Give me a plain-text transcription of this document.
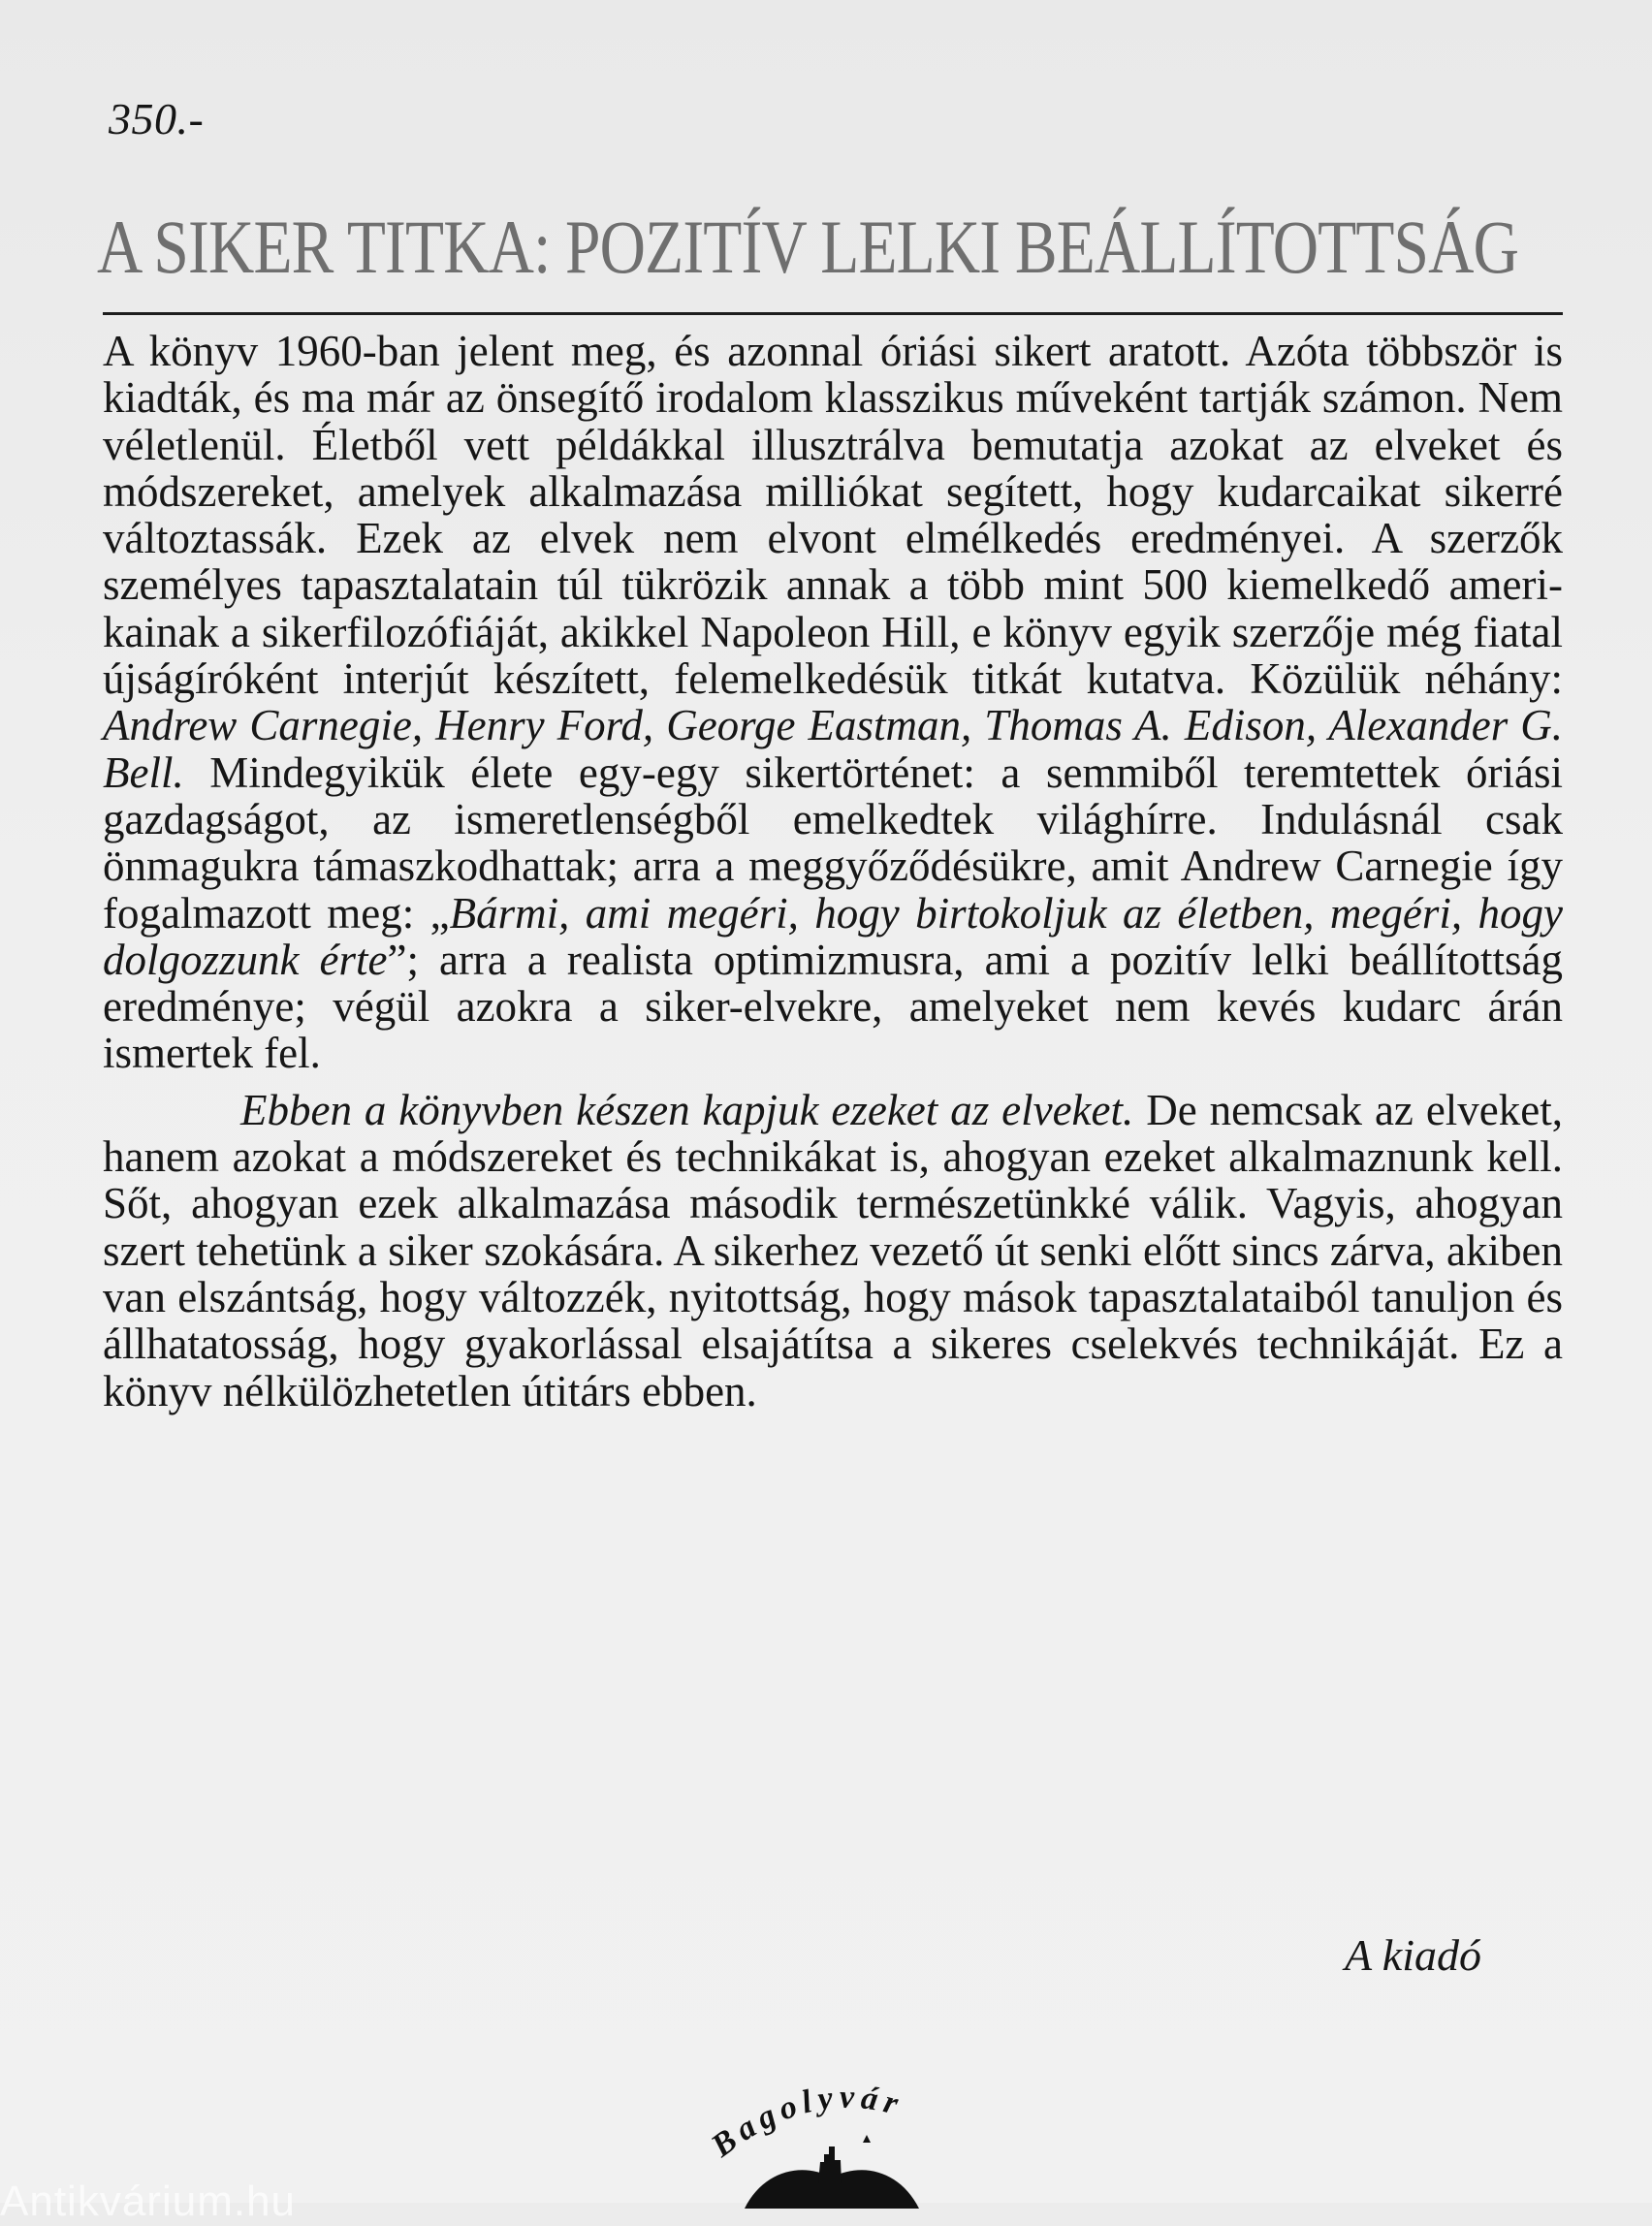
350.-
A SIKER TITKA: POZITÍV LELKI BEÁLLÍTOTTSÁG

A könyv 1960-ban jelent meg, és azonnal óriási sikert aratott. Azóta többször is kiadták, és ma már az önsegítő irodalom klasszikus műveként tartják számon. Nem véletlenül. Életből vett példákkal illusztrálva bemutatja azokat az elveket és módszereket, amelyek alkalmazása milliókat segített, hogy kudarcaikat sikerré változtassák. Ezek az elvek nem elvont elmélkedés eredményei. A szerzők személyes tapasztalatain túl tükrözik annak a több mint 500 kiemelkedő amerikainak a sikerfilozófiáját, akikkel Napoleon Hill, e könyv egyik szerzője még fiatal újságíróként interjút készített, felemelkedésük titkát kutatva. Közülük néhány: Andrew Carnegie, Henry Ford, George Eastman, Thomas A. Edison, Alexander G. Bell. Mindegyikük élete egy-egy sikertörténet: a semmiből teremtettek óriási gazdagságot, az ismeretlenségből emelkedtek világhírre. Indulásnál csak önmagukra támaszkodhattak; arra a meggyőződésükre, amit Andrew Carnegie így fogalmazott meg: „Bármi, ami megéri, hogy birtokoljuk az életben, megéri, hogy dolgozzunk érte”; arra a realista optimizmusra, ami a pozitív lelki beállítottság eredménye; végül azokra a siker-elvekre, amelyeket nem kevés kudarc árán ismertek fel.

Ebben a könyvben készen kapjuk ezeket az elveket. De nemcsak az elveket, hanem azokat a módszereket és technikákat is, ahogyan ezeket alkalmaznunk kell. Sőt, ahogyan ezek alkalmazása második természetünkké válik. Vagyis, ahogyan szert tehetünk a siker szokására. A sikerhez vezető út senki előtt sincs zárva, akiben van elszántság, hogy változzék, nyitottság, hogy mások tapasztalataiból tanuljon és állhatatosság, hogy gyakorlással elsajátítsa a sikeres cselekvés technikáját. Ez a könyv nélkülözhetetlen útitárs ebben.

A kiadó
Bagolyvár
Antikvárium.hu
